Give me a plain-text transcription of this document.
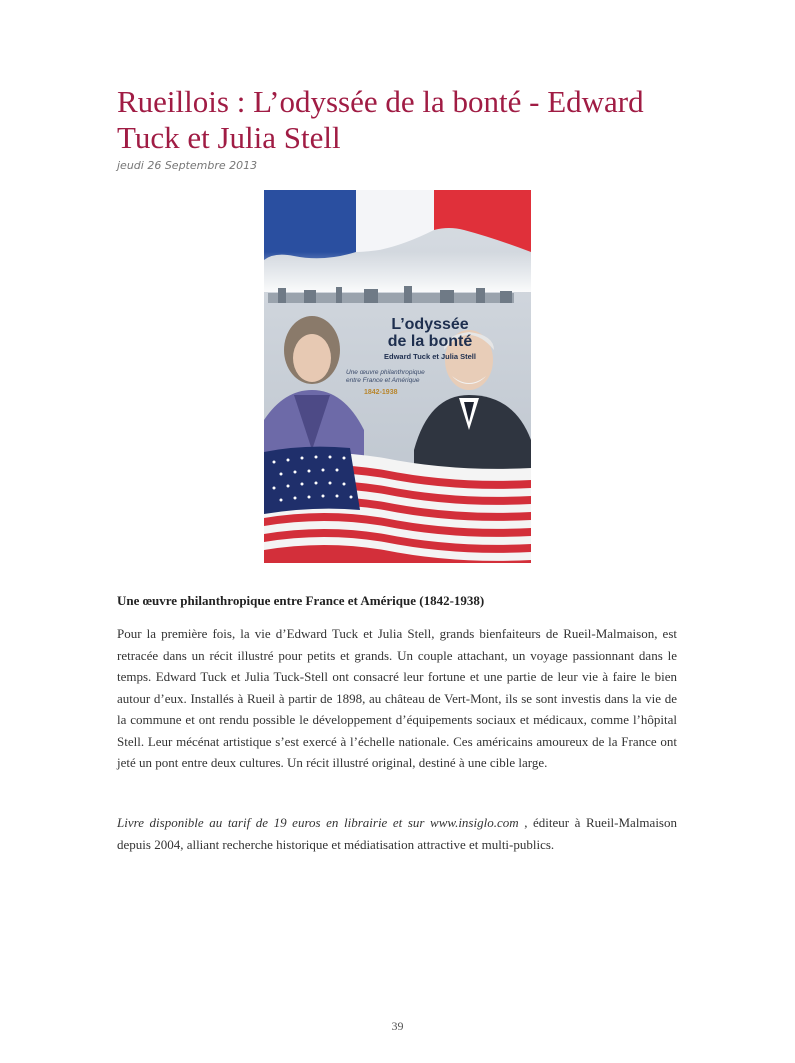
Rueillois : L’odyssée de la bonté - Edward Tuck et Julia Stell
jeudi 26 Septembre 2013
L’odyssée
de la bonté
Edward Tuck et Julia Stell
Une œuvre philanthropique
entre France et Amérique
1842-1938

Une œuvre philanthropique entre France et Amérique (1842-1938)

Pour la première fois, la vie d’Edward Tuck et Julia Stell, grands bienfaiteurs de Rueil-Malmaison, est retracée dans un récit illustré pour petits et grands. Un couple attachant, un voyage passionnant dans le temps. Edward Tuck et Julia Tuck-Stell ont consacré leur fortune et une partie de leur vie à faire le bien autour d’eux. Installés à Rueil à partir de 1898, au château de Vert-Mont, ils se sont investis dans la vie de la commune et ont rendu possible le développement d’équipements sociaux et médicaux, comme l’hôpital Stell. Leur mécénat artistique s’est exercé à l’échelle nationale. Ces américains amoureux de la France ont jeté un pont entre deux cultures. Un récit illustré original, destiné à une cible large.

Livre disponible au tarif de 19 euros en librairie et sur www.insiglo.com , éditeur à Rueil-Malmaison depuis 2004, alliant recherche historique et médiatisation attractive et multi-publics.

39
